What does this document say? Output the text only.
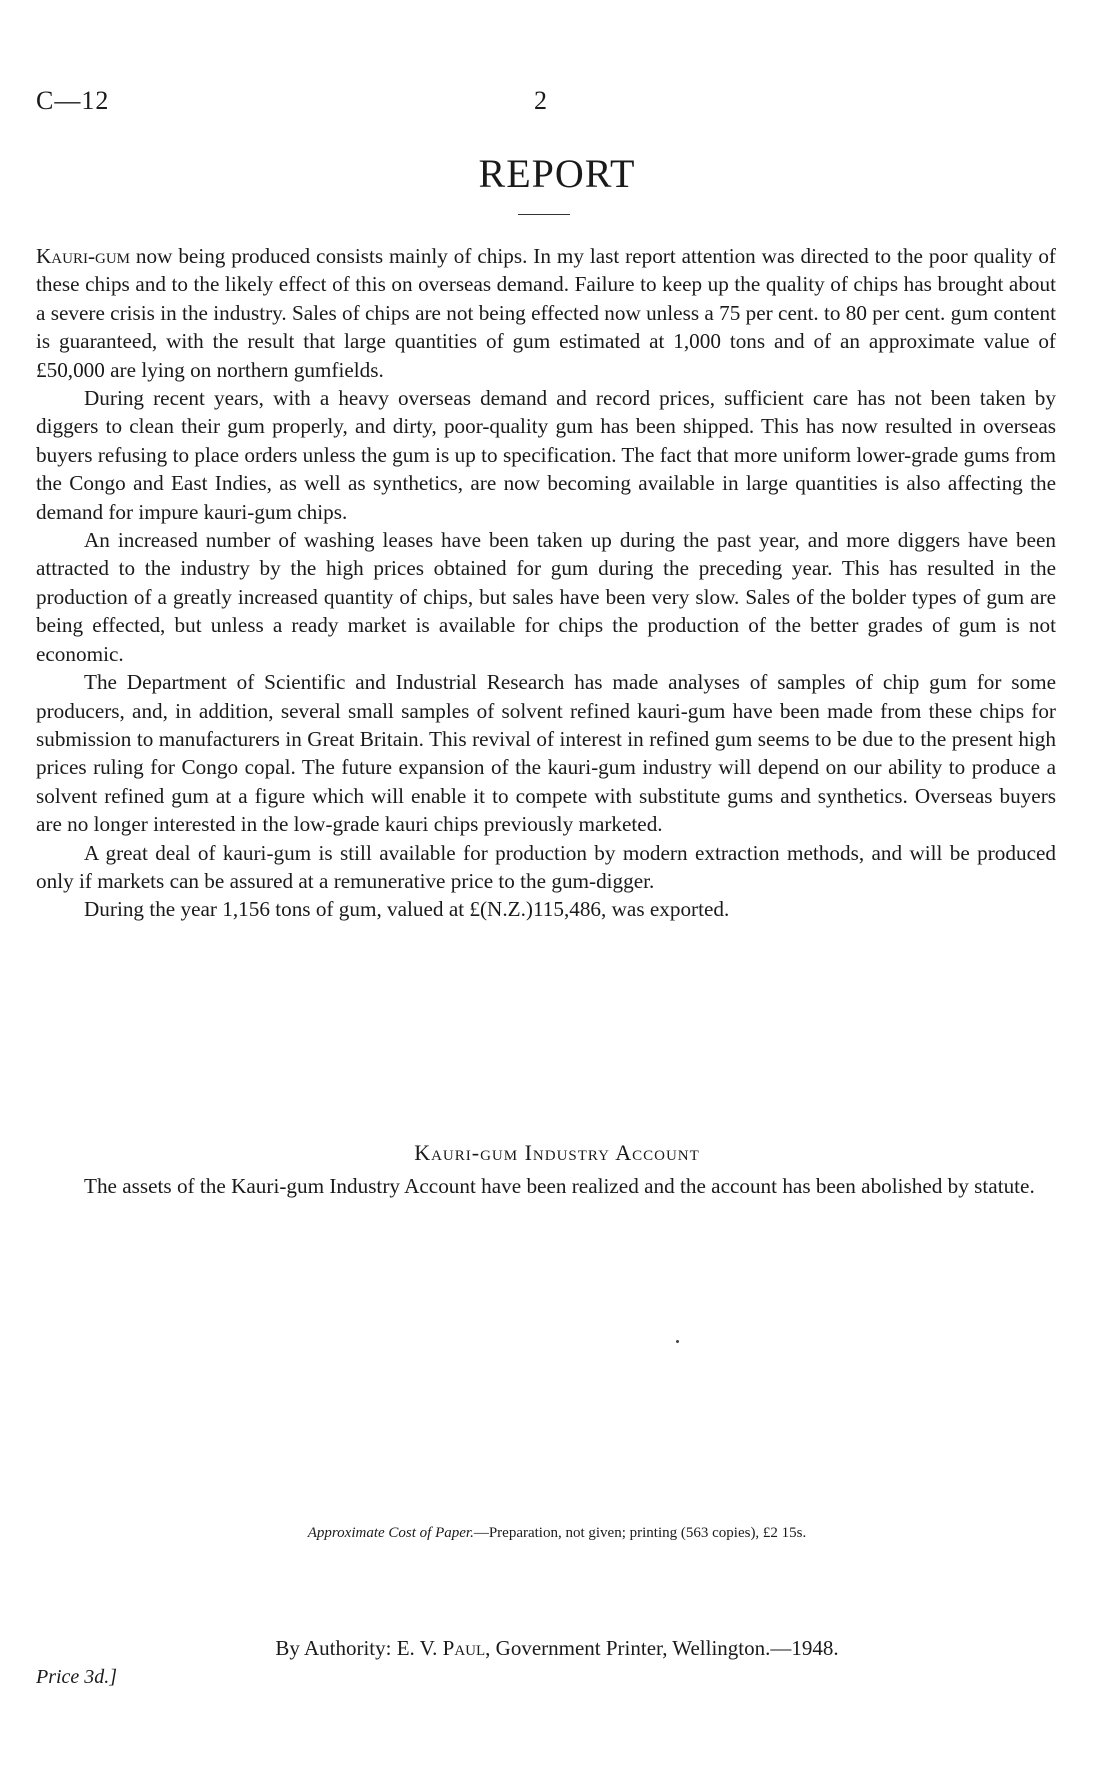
C—12	2
REPORT

Kauri-gum now being produced consists mainly of chips. In my last report attention was directed to the poor quality of these chips and to the likely effect of this on overseas demand. Failure to keep up the quality of chips has brought about a severe crisis in the industry. Sales of chips are not being effected now unless a 75 per cent. to 80 per cent. gum content is guaranteed, with the result that large quantities of gum estimated at 1,000 tons and of an approximate value of £50,000 are lying on northern gumfields.

During recent years, with a heavy overseas demand and record prices, sufficient care has not been taken by diggers to clean their gum properly, and dirty, poor-quality gum has been shipped. This has now resulted in overseas buyers refusing to place orders unless the gum is up to specification. The fact that more uniform lower-grade gums from the Congo and East Indies, as well as synthetics, are now becoming available in large quantities is also affecting the demand for impure kauri-gum chips.

An increased number of washing leases have been taken up during the past year, and more diggers have been attracted to the industry by the high prices obtained for gum during the preceding year. This has resulted in the production of a greatly increased quantity of chips, but sales have been very slow. Sales of the bolder types of gum are being effected, but unless a ready market is available for chips the production of the better grades of gum is not economic.

The Department of Scientific and Industrial Research has made analyses of samples of chip gum for some producers, and, in addition, several small samples of solvent refined kauri-gum have been made from these chips for submission to manufacturers in Great Britain. This revival of interest in refined gum seems to be due to the present high prices ruling for Congo copal. The future expansion of the kauri-gum industry will depend on our ability to produce a solvent refined gum at a figure which will enable it to compete with substitute gums and synthetics. Overseas buyers are no longer interested in the low-grade kauri chips previously marketed.

A great deal of kauri-gum is still available for production by modern extraction methods, and will be produced only if markets can be assured at a remunerative price to the gum-digger.

During the year 1,156 tons of gum, valued at £(N.Z.)115,486, was exported.

Kauri-gum Industry Account

The assets of the Kauri-gum Industry Account have been realized and the account has been abolished by statute.

Approximate Cost of Paper.—Preparation, not given; printing (563 copies), £2 15s.
By Authority: E. V. Paul, Government Printer, Wellington.—1948.
Price 3d.]
